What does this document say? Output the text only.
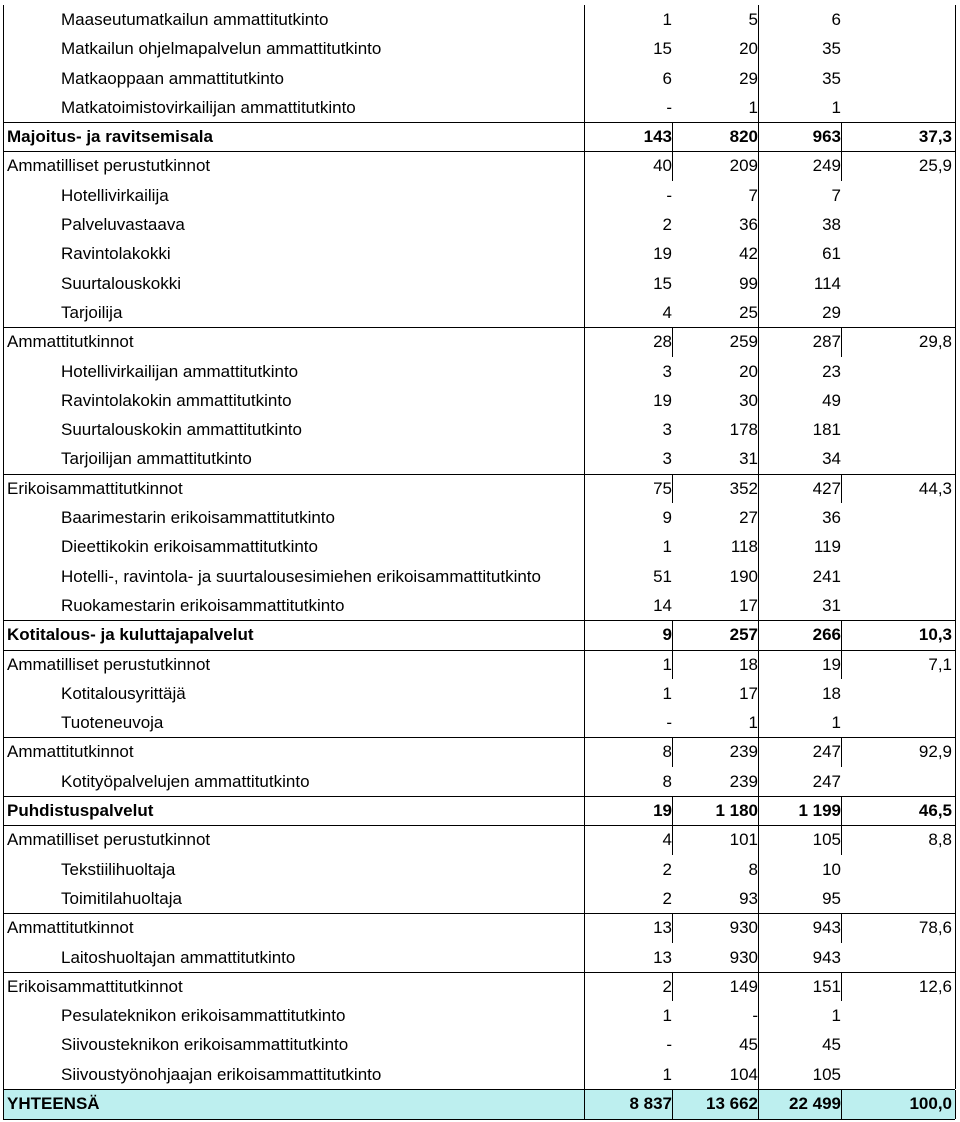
Maaseutumatkailun ammattitutkinto	1	5	6
Matkailun ohjelmapalvelun ammattitutkinto	15	20	35
Matkaoppaan ammattitutkinto	6	29	35
Matkatoimistovirkailijan ammattitutkinto	-	1	1
Majoitus- ja ravitsemisala	143	820	963	37,3
Ammatilliset perustutkinnot	40	209	249	25,9
Hotellivirkailija	-	7	7
Palveluvastaava	2	36	38
Ravintolakokki	19	42	61
Suurtalouskokki	15	99	114
Tarjoilija	4	25	29
Ammattitutkinnot	28	259	287	29,8
Hotellivirkailijan ammattitutkinto	3	20	23
Ravintolakokin ammattitutkinto	19	30	49
Suurtalouskokin ammattitutkinto	3	178	181
Tarjoilijan ammattitutkinto	3	31	34
Erikoisammattitutkinnot	75	352	427	44,3
Baarimestarin erikoisammattitutkinto	9	27	36
Dieettikokin erikoisammattitutkinto	1	118	119
Hotelli-, ravintola- ja suurtalousesimiehen erikoisammattitutkinto	51	190	241
Ruokamestarin erikoisammattitutkinto	14	17	31
Kotitalous- ja kuluttajapalvelut	9	257	266	10,3
Ammatilliset perustutkinnot	1	18	19	7,1
Kotitalousyrittäjä	1	17	18
Tuoteneuvoja	-	1	1
Ammattitutkinnot	8	239	247	92,9
Kotityöpalvelujen ammattitutkinto	8	239	247
Puhdistuspalvelut	19	1 180	1 199	46,5
Ammatilliset perustutkinnot	4	101	105	8,8
Tekstiilihuoltaja	2	8	10
Toimitilahuoltaja	2	93	95
Ammattitutkinnot	13	930	943	78,6
Laitoshuoltajan ammattitutkinto	13	930	943
Erikoisammattitutkinnot	2	149	151	12,6
Pesulateknikon erikoisammattitutkinto	1	-	1
Siivousteknikon erikoisammattitutkinto	-	45	45
Siivoustyönohjaajan erikoisammattitutkinto	1	104	105
YHTEENSÄ	8 837	13 662	22 499	100,0
